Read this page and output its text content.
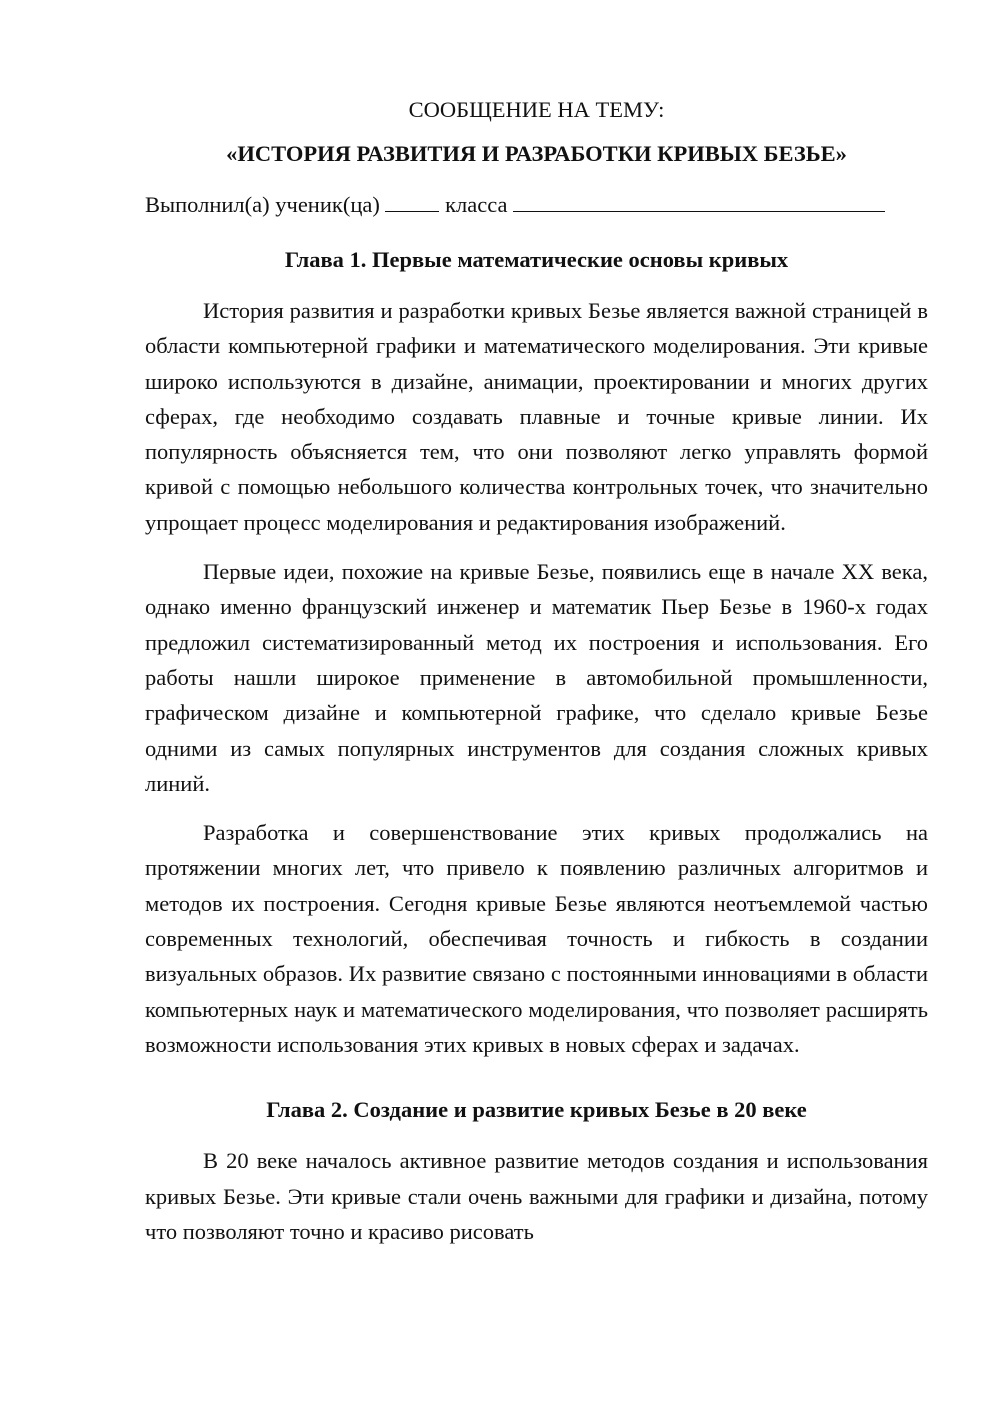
СООБЩЕНИЕ НА ТЕМУ:

«ИСТОРИЯ РАЗВИТИЯ И РАЗРАБОТКИ КРИВЫХ БЕЗЬЕ»

Выполнил(а) ученик(ца)	класса

Глава 1. Первые математические основы кривых

История развития и разработки кривых Безье является важной страницей в области компьютерной графики и математического моделирования. Эти кривые широко используются в дизайне, анимации, проектировании и многих других сферах, где необходимо создавать плавные и точные кривые линии. Их популярность объясняется тем, что они позволяют легко управлять формой кривой с помощью небольшого количества контрольных точек, что значительно упрощает процесс моделирования и редактирования изображений.

Первые идеи, похожие на кривые Безье, появились еще в начале XX века, однако именно французский инженер и математик Пьер Безье в 1960-х годах предложил систематизированный метод их построения и использования. Его работы нашли широкое применение в автомобильной промышленности, графическом дизайне и компьютерной графике, что сделало кривые Безье одними из самых популярных инструментов для создания сложных кривых линий.

Разработка и совершенствование этих кривых продолжались на протяжении многих лет, что привело к появлению различных алгоритмов и методов их построения. Сегодня кривые Безье являются неотъемлемой частью современных технологий, обеспечивая точность и гибкость в создании визуальных образов. Их развитие связано с постоянными инновациями в области компьютерных наук и математического моделирования, что позволяет расширять возможности использования этих кривых в новых сферах и задачах.

Глава 2. Создание и развитие кривых Безье в 20 веке

В 20 веке началось активное развитие методов создания и использования кривых Безье. Эти кривые стали очень важными для графики и дизайна, потому что позволяют точно и красиво рисовать
